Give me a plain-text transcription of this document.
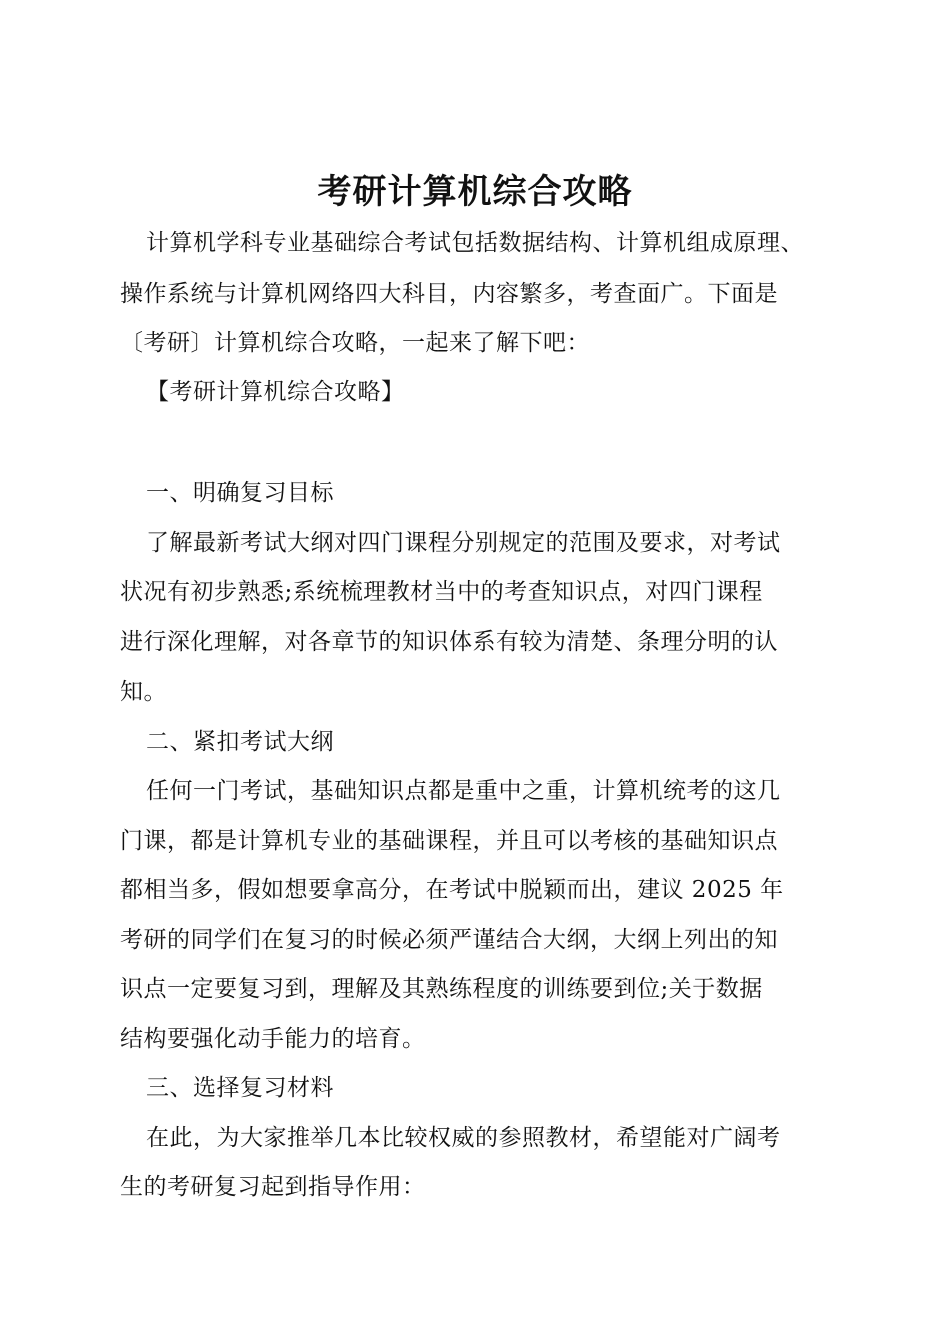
考研计算机综合攻略

计算机学科专业基础综合考试包括数据结构、计算机组成原理、

操作系统与计算机网络四大科目，内容繁多，考查面广。下面是

〔考研〕计算机综合攻略，一起来了解下吧：

【考研计算机综合攻略】

一、明确复习目标

了解最新考试大纲对四门课程分别规定的范围及要求，对考试

状况有初步熟悉;系统梳理教材当中的考查知识点，对四门课程

进行深化理解，对各章节的知识体系有较为清楚、条理分明的认

知。

二、紧扣考试大纲

任何一门考试，基础知识点都是重中之重，计算机统考的这几

门课，都是计算机专业的基础课程，并且可以考核的基础知识点

都相当多，假如想要拿高分，在考试中脱颖而出，建议 2025 年

考研的同学们在复习的时候必须严谨结合大纲，大纲上列出的知

识点一定要复习到，理解及其熟练程度的训练要到位;关于数据

结构要强化动手能力的培育。

三、选择复习材料

在此，为大家推举几本比较权威的参照教材，希望能对广阔考

生的考研复习起到指导作用：
